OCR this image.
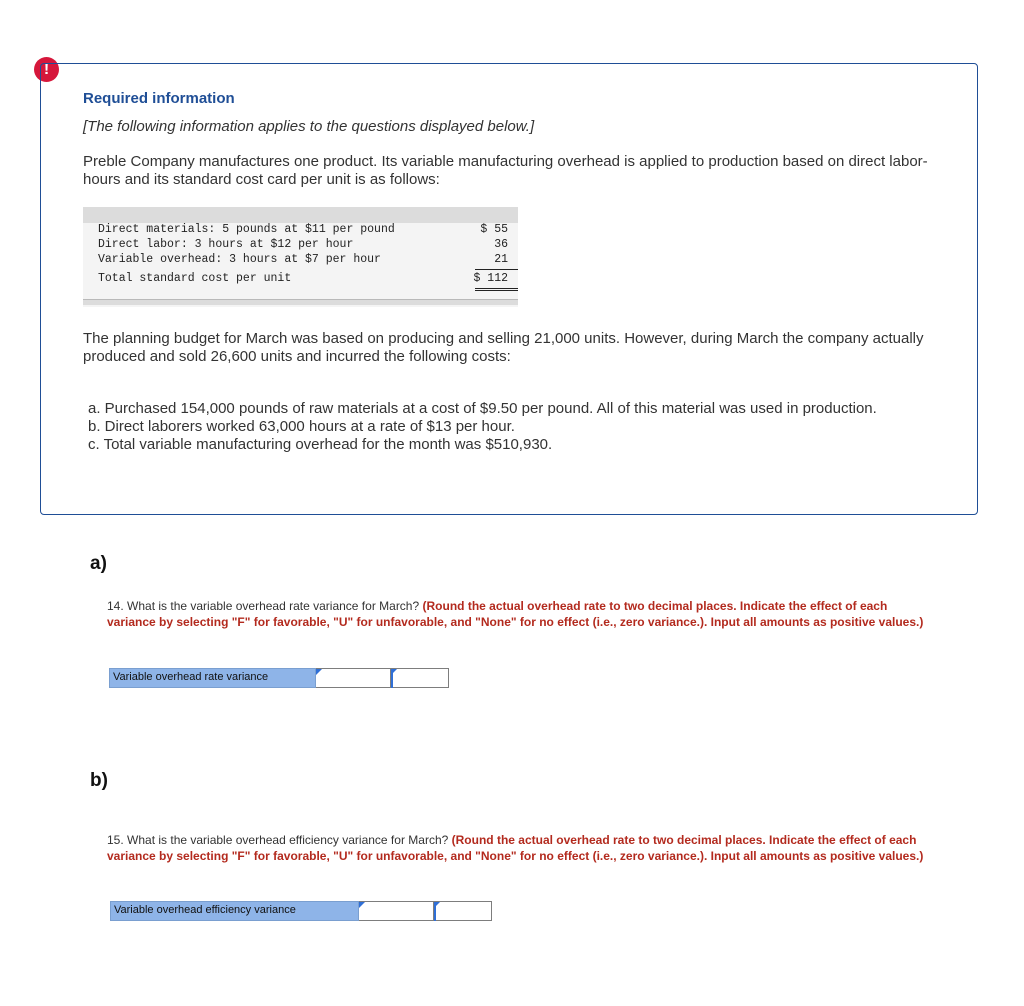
!
Required information
[The following information applies to the questions displayed below.]
Preble Company manufactures one product. Its variable manufacturing overhead is applied to production based on direct labor-hours and its standard cost card per unit is as follows:
Direct materials: 5 pounds at $11 per pound	$ 55
Direct labor: 3 hours at $12 per hour	36
Variable overhead: 3 hours at $7 per hour	21
Total standard cost per unit	$ 112
The planning budget for March was based on producing and selling 21,000 units. However, during March the company actually produced and sold 26,600 units and incurred the following costs:
a. Purchased 154,000 pounds of raw materials at a cost of $9.50 per pound. All of this material was used in production.
b. Direct laborers worked 63,000 hours at a rate of $13 per hour.
c. Total variable manufacturing overhead for the month was $510,930.
a)
14. What is the variable overhead rate variance for March? (Round the actual overhead rate to two decimal places. Indicate the effect of each variance by selecting "F" for favorable, "U" for unfavorable, and "None" for no effect (i.e., zero variance.). Input all amounts as positive values.)
Variable overhead rate variance
b)
15. What is the variable overhead efficiency variance for March? (Round the actual overhead rate to two decimal places. Indicate the effect of each variance by selecting "F" for favorable, "U" for unfavorable, and "None" for no effect (i.e., zero variance.). Input all amounts as positive values.)
Variable overhead efficiency variance
